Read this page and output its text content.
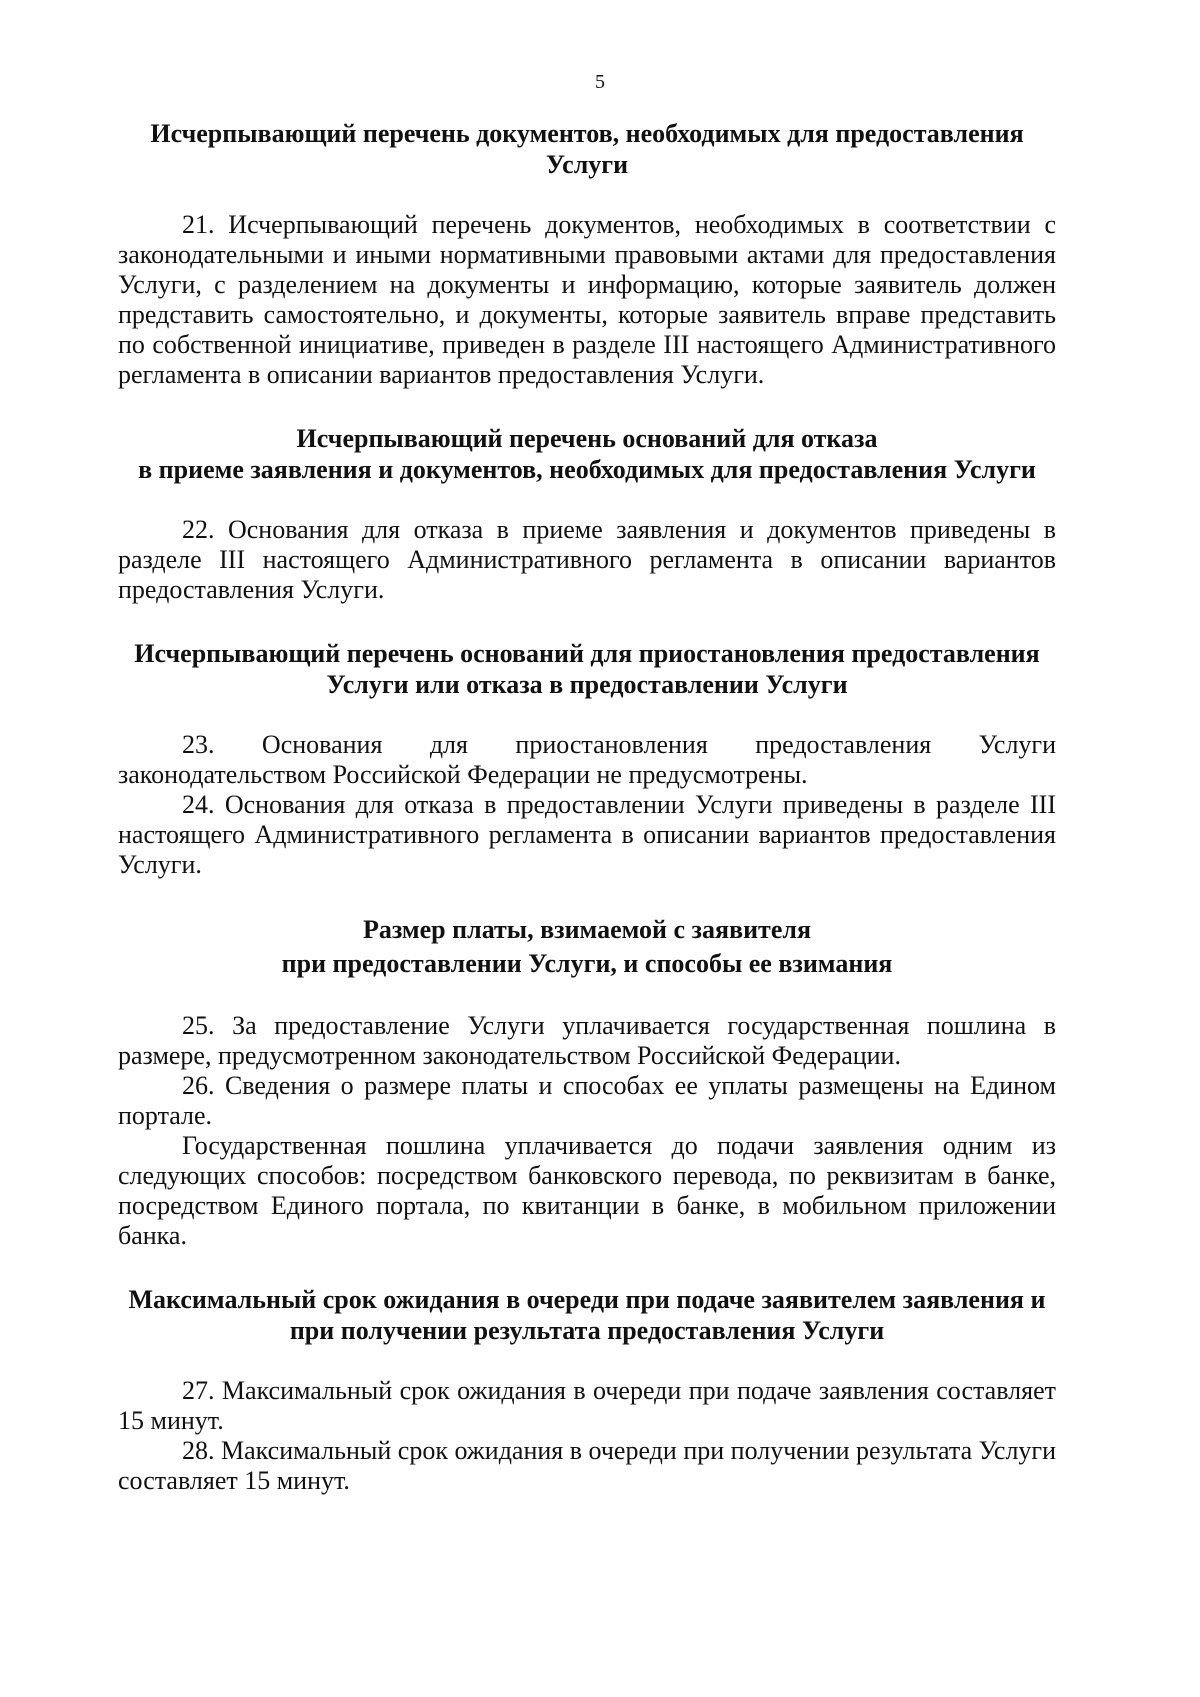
5
Исчерпывающий перечень документов, необходимых для предоставления
Услуги

21. Исчерпывающий перечень документов, необходимых в соответствии с законодательными и иными нормативными правовыми актами для предоставления Услуги, с разделением на документы и информацию, которые заявитель должен представить самостоятельно, и документы, которые заявитель вправе представить по собственной инициативе, приведен в разделе III настоящего Административного регламента в описании вариантов предоставления Услуги.

Исчерпывающий перечень оснований для отказа
в приеме заявления и документов, необходимых для предоставления Услуги

22. Основания для отказа в приеме заявления и документов приведены в разделе III настоящего Административного регламента в описании вариантов предоставления Услуги.

Исчерпывающий перечень оснований для приостановления предоставления
Услуги или отказа в предоставлении Услуги

23. Основания для приостановления предоставления Услуги законодательством Российской Федерации не предусмотрены.

24. Основания для отказа в предоставлении Услуги приведены в разделе III настоящего Административного регламента в описании вариантов предоставления Услуги.

Размер платы, взимаемой с заявителя
при предоставлении Услуги, и способы ее взимания

25. За предоставление Услуги уплачивается государственная пошлина в размере, предусмотренном законодательством Российской Федерации.

26. Сведения о размере платы и способах ее уплаты размещены на Едином портале.

Государственная пошлина уплачивается до подачи заявления одним из следующих способов: посредством банковского перевода, по реквизитам в банке, посредством Единого портала, по квитанции в банке, в мобильном приложении банка.

Максимальный срок ожидания в очереди при подаче заявителем заявления и
при получении результата предоставления Услуги

27. Максимальный срок ожидания в очереди при подаче заявления составляет 15 минут.

28. Максимальный срок ожидания в очереди при получении результата Услуги составляет 15 минут.
